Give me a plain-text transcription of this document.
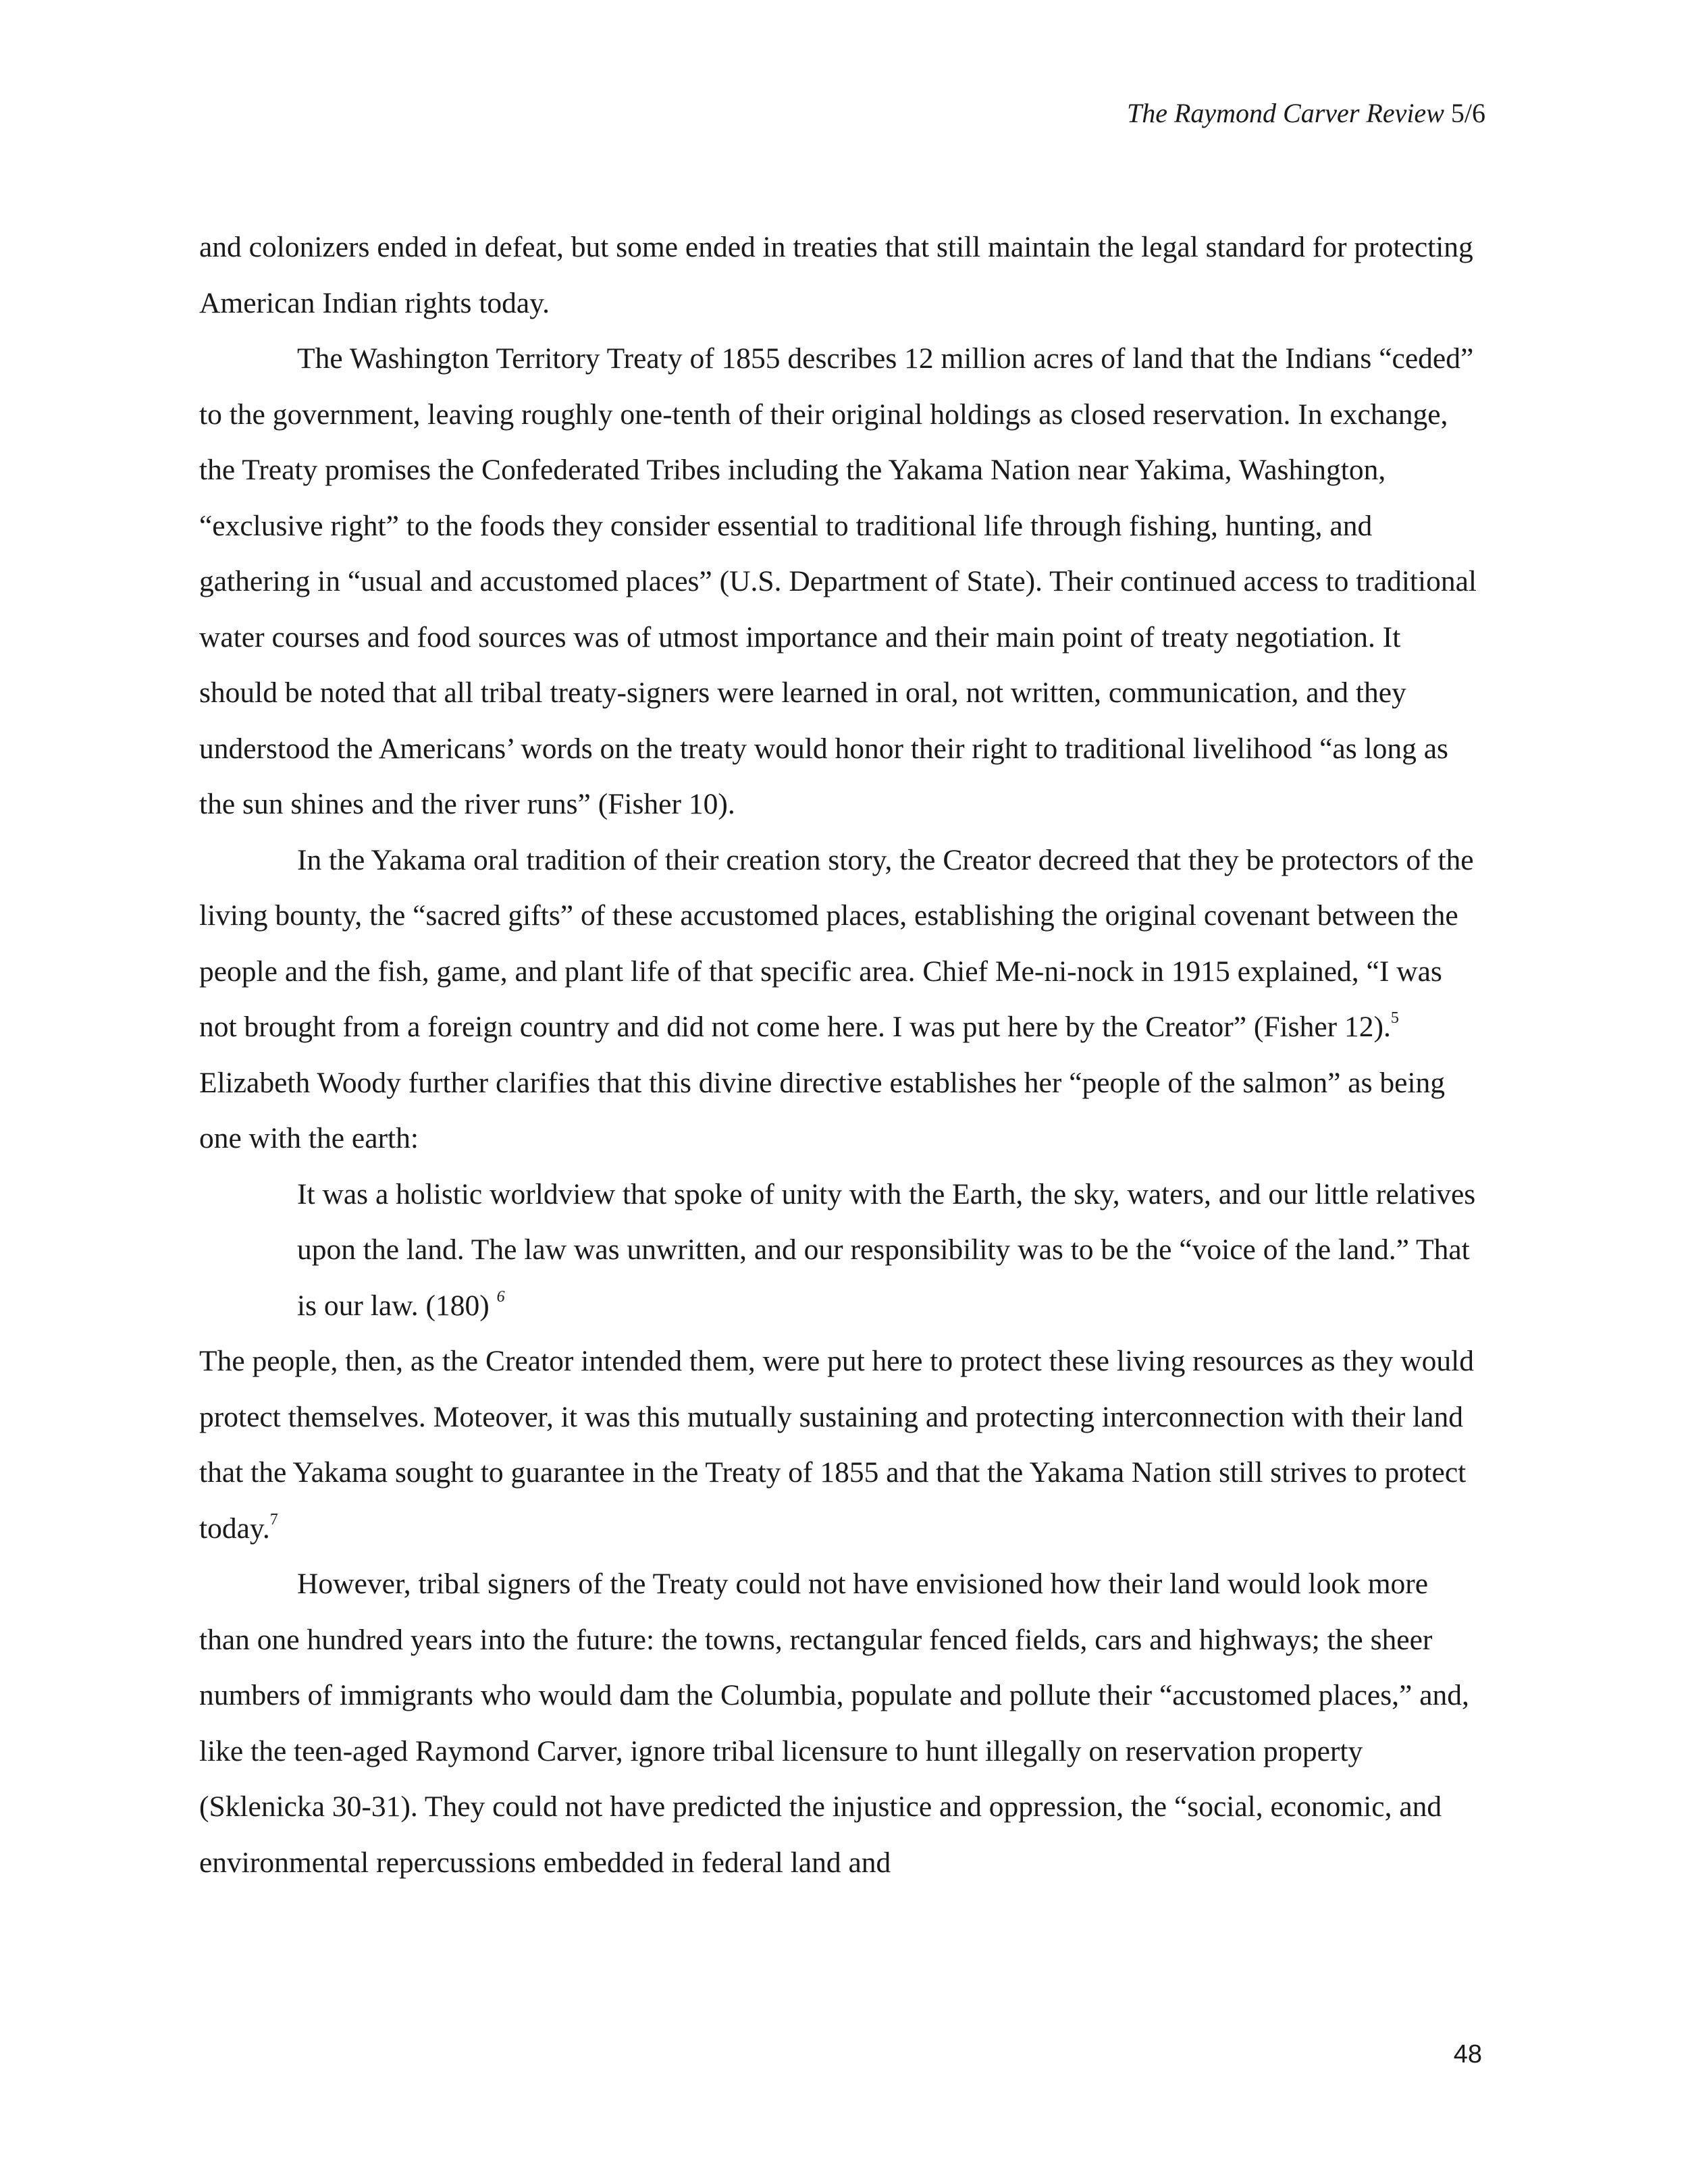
The Raymond Carver Review 5/6

and colonizers ended in defeat, but some ended in treaties that still maintain the legal standard for protecting American Indian rights today.

The Washington Territory Treaty of 1855 describes 12 million acres of land that the Indians “ceded” to the government, leaving roughly one-tenth of their original holdings as closed reservation. In exchange, the Treaty promises the Confederated Tribes including the Yakama Nation near Yakima, Washington, “exclusive right” to the foods they consider essential to traditional life through fishing, hunting, and gathering in “usual and accustomed places” (U.S. Department of State). Their continued access to traditional water courses and food sources was of utmost importance and their main point of treaty negotiation. It should be noted that all tribal treaty-signers were learned in oral, not written, communication, and they understood the Americans’ words on the treaty would honor their right to traditional livelihood “as long as the sun shines and the river runs” (Fisher 10).

In the Yakama oral tradition of their creation story, the Creator decreed that they be protectors of the living bounty, the “sacred gifts” of these accustomed places, establishing the original covenant between the people and the fish, game, and plant life of that specific area. Chief Me-ni-nock in 1915 explained, “I was not brought from a foreign country and did not come here. I was put here by the Creator” (Fisher 12).$^5$  Elizabeth Woody further clarifies that this divine directive establishes her “people of the salmon” as being one with the earth:

It was a holistic worldview that spoke of unity with the Earth, the sky, waters, and our little relatives upon the land. The law was unwritten, and our responsibility was to be the “voice of the land.” That is our law. (180) $^6$

The people, then, as the Creator intended them, were put here to protect these living resources as they would protect themselves. Moteover, it was this mutually sustaining and protecting interconnection with their land that the Yakama sought to guarantee in the Treaty of 1855 and that the Yakama Nation still strives to protect today.$^7$

However, tribal signers of the Treaty could not have envisioned how their land would look more than one hundred years into the future: the towns, rectangular fenced fields, cars and highways; the sheer numbers of immigrants who would dam the Columbia, populate and pollute their “accustomed places,” and, like the teen-aged Raymond Carver, ignore tribal licensure to hunt illegally on reservation property (Sklenicka 30-31). They could not have predicted the injustice and oppression, the “social, economic, and environmental repercussions embedded in federal land and

48
